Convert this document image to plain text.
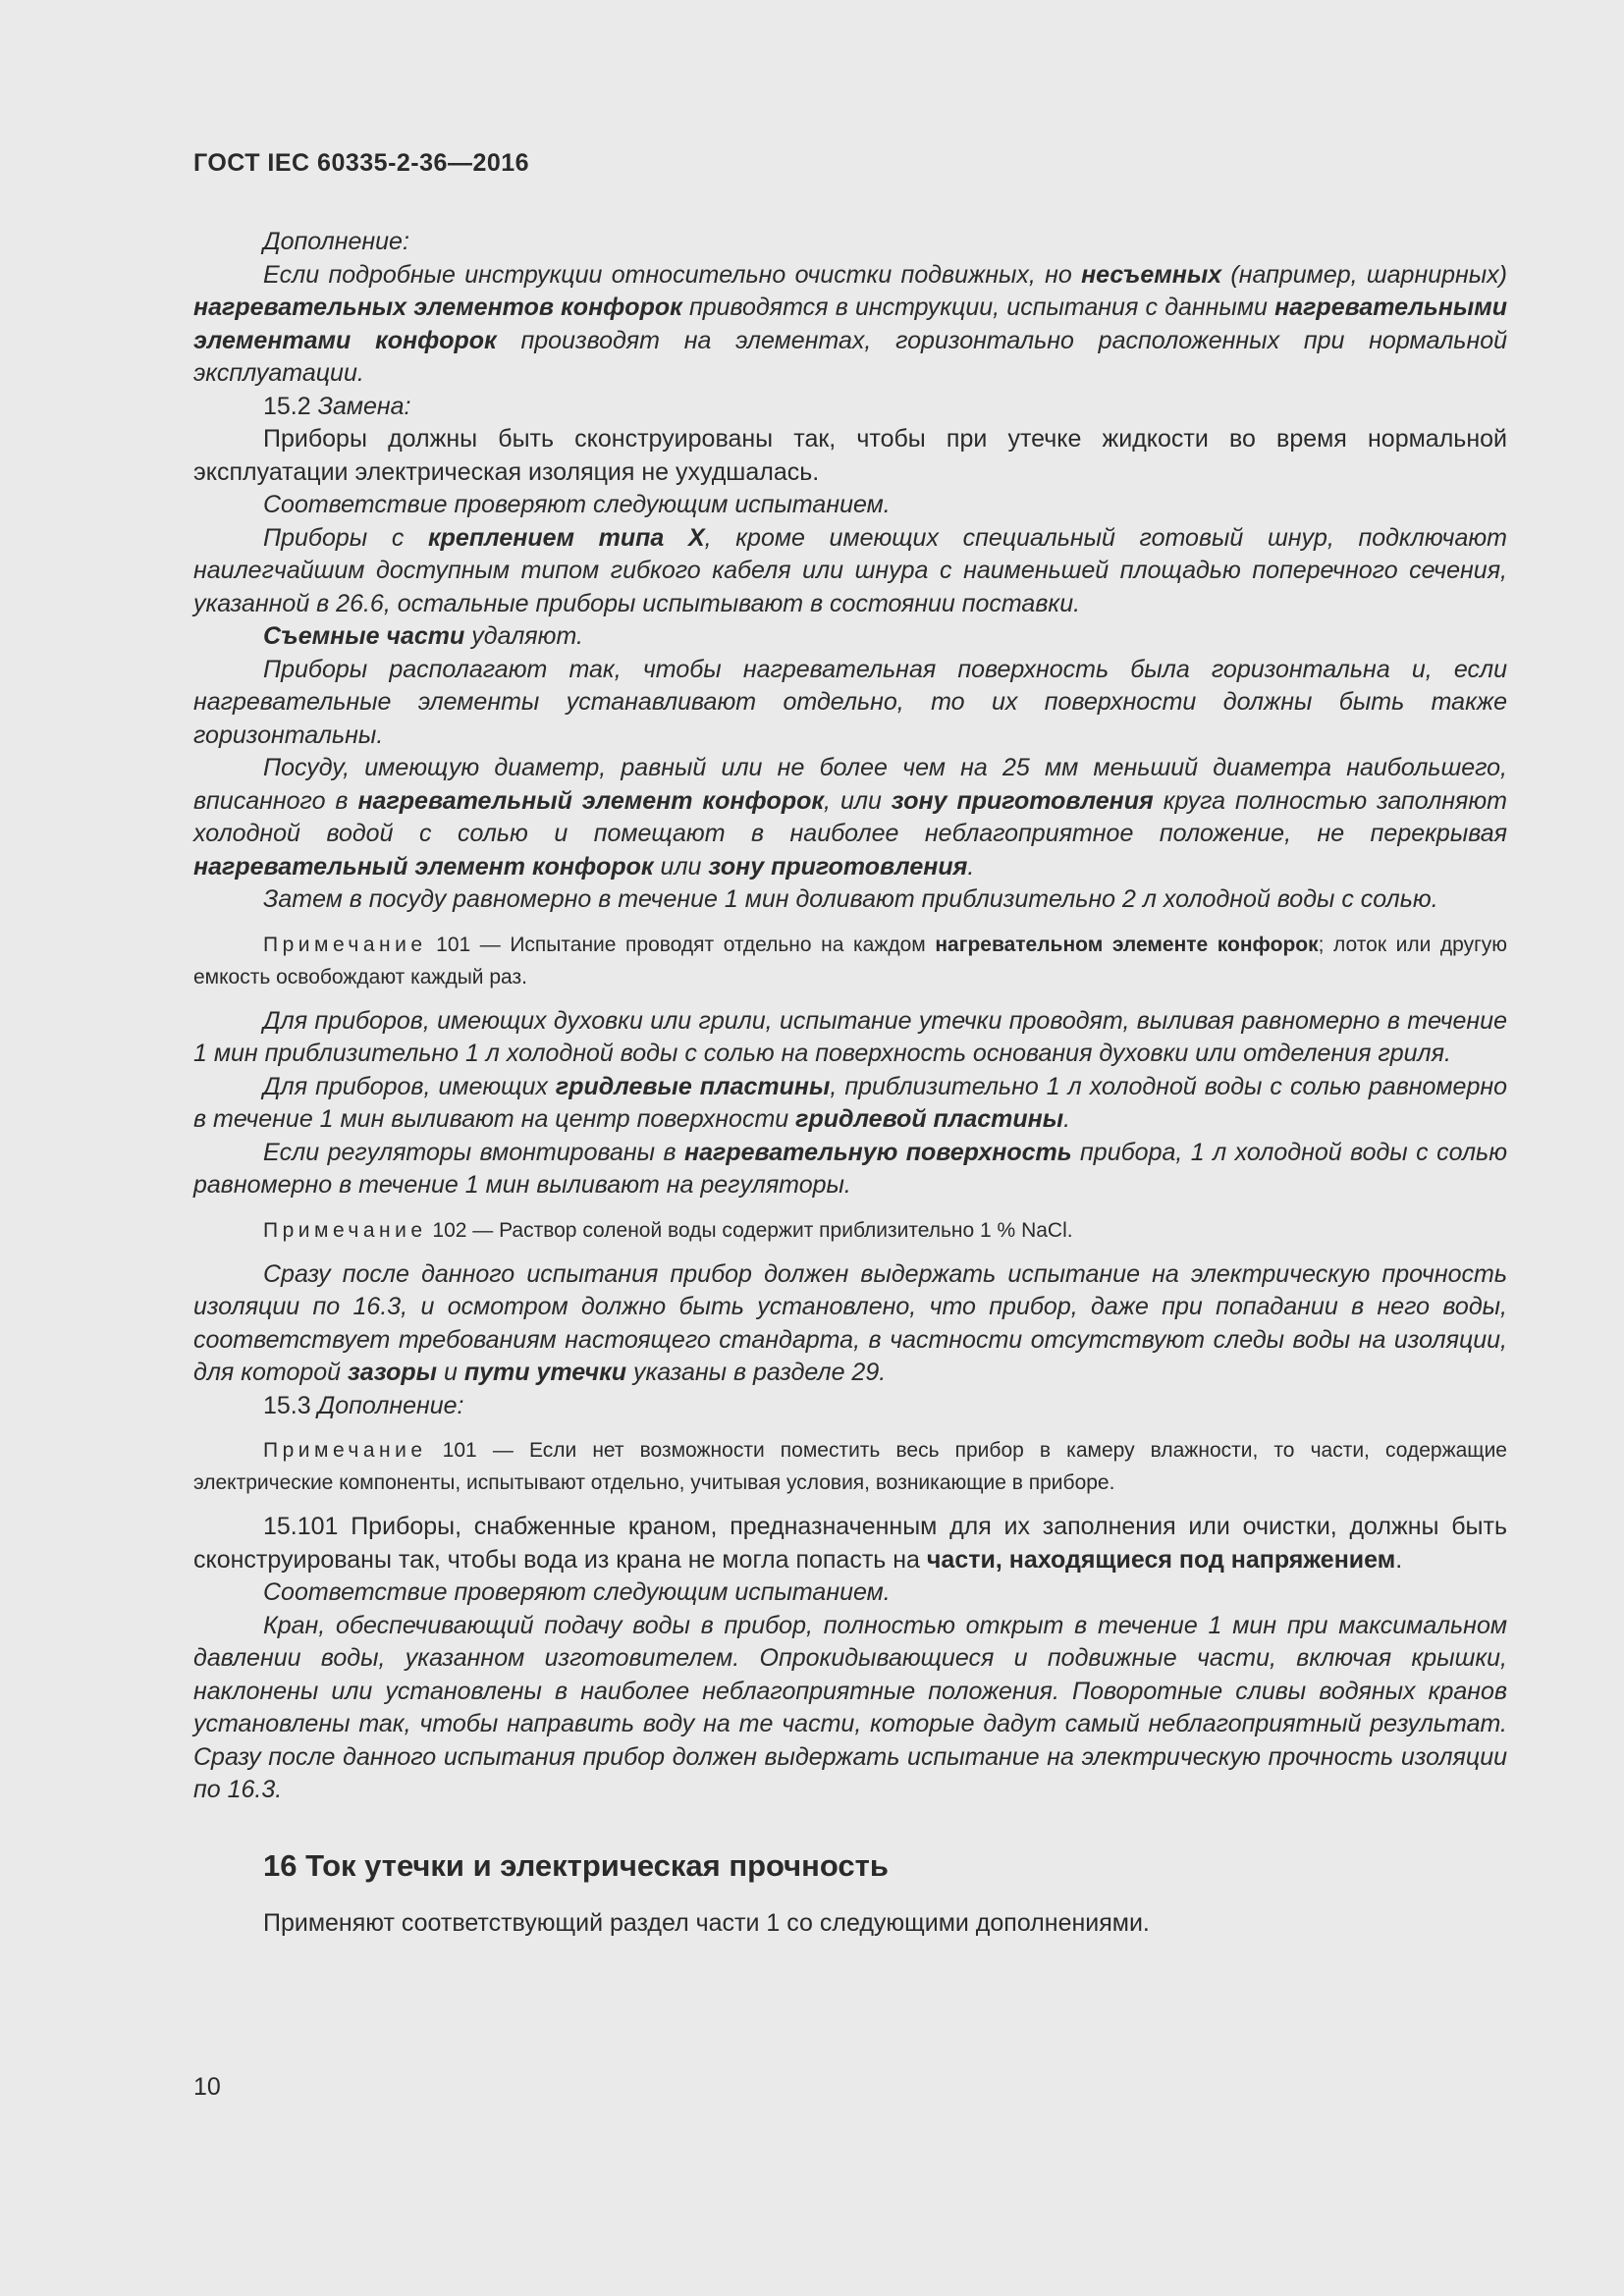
ГОСТ IEC 60335-2-36—2016

Дополнение:

Если подробные инструкции относительно очистки подвижных, но несъемных (например, шарнирных) нагревательных элементов конфорок приводятся в инструкции, испытания с данными нагревательными элементами конфорок производят на элементах, горизонтально расположенных при нормальной эксплуатации.

15.2 Замена:

Приборы должны быть сконструированы так, чтобы при утечке жидкости во время нормальной эксплуатации электрическая изоляция не ухудшалась.

Соответствие проверяют следующим испытанием.

Приборы с креплением типа X, кроме имеющих специальный готовый шнур, подключают наилегчайшим доступным типом гибкого кабеля или шнура с наименьшей площадью поперечного сечения, указанной в 26.6, остальные приборы испытывают в состоянии поставки.

Съемные части удаляют.

Приборы располагают так, чтобы нагревательная поверхность была горизонтальна и, если нагревательные элементы устанавливают отдельно, то их поверхности должны быть также горизонтальны.

Посуду, имеющую диаметр, равный или не более чем на 25 мм меньший диаметра наибольшего, вписанного в нагревательный элемент конфорок, или зону приготовления круга полностью заполняют холодной водой с солью и помещают в наиболее неблагоприятное положение, не перекрывая нагревательный элемент конфорок или зону приготовления.

Затем в посуду равномерно в течение 1 мин доливают приблизительно 2 л холодной воды с солью.

Примечание 101 — Испытание проводят отдельно на каждом нагревательном элементе конфорок; лоток или другую емкость освобождают каждый раз.

Для приборов, имеющих духовки или грили, испытание утечки проводят, выливая равномерно в течение 1 мин приблизительно 1 л холодной воды с солью на поверхность основания духовки или отделения гриля.

Для приборов, имеющих гридлевые пластины, приблизительно 1 л холодной воды с солью равномерно в течение 1 мин выливают на центр поверхности гридлевой пластины.

Если регуляторы вмонтированы в нагревательную поверхность прибора, 1 л холодной воды с солью равномерно в течение 1 мин выливают на регуляторы.

Примечание 102 — Раствор соленой воды содержит приблизительно 1 % NaCl.

Сразу после данного испытания прибор должен выдержать испытание на электрическую прочность изоляции по 16.3, и осмотром должно быть установлено, что прибор, даже при попадании в него воды, соответствует требованиям настоящего стандарта, в частности отсутствуют следы воды на изоляции, для которой зазоры и пути утечки указаны в разделе 29.

15.3 Дополнение:

Примечание 101 — Если нет возможности поместить весь прибор в камеру влажности, то части, содержащие электрические компоненты, испытывают отдельно, учитывая условия, возникающие в приборе.

15.101 Приборы, снабженные краном, предназначенным для их заполнения или очистки, должны быть сконструированы так, чтобы вода из крана не могла попасть на части, находящиеся под напряжением.

Соответствие проверяют следующим испытанием.

Кран, обеспечивающий подачу воды в прибор, полностью открыт в течение 1 мин при максимальном давлении воды, указанном изготовителем. Опрокидывающиеся и подвижные части, включая крышки, наклонены или установлены в наиболее неблагоприятные положения. Поворотные сливы водяных кранов установлены так, чтобы направить воду на те части, которые дадут самый неблагоприятный результат. Сразу после данного испытания прибор должен выдержать испытание на электрическую прочность изоляции по 16.3.

16 Ток утечки и электрическая прочность

Применяют соответствующий раздел части 1 со следующими дополнениями.

10
